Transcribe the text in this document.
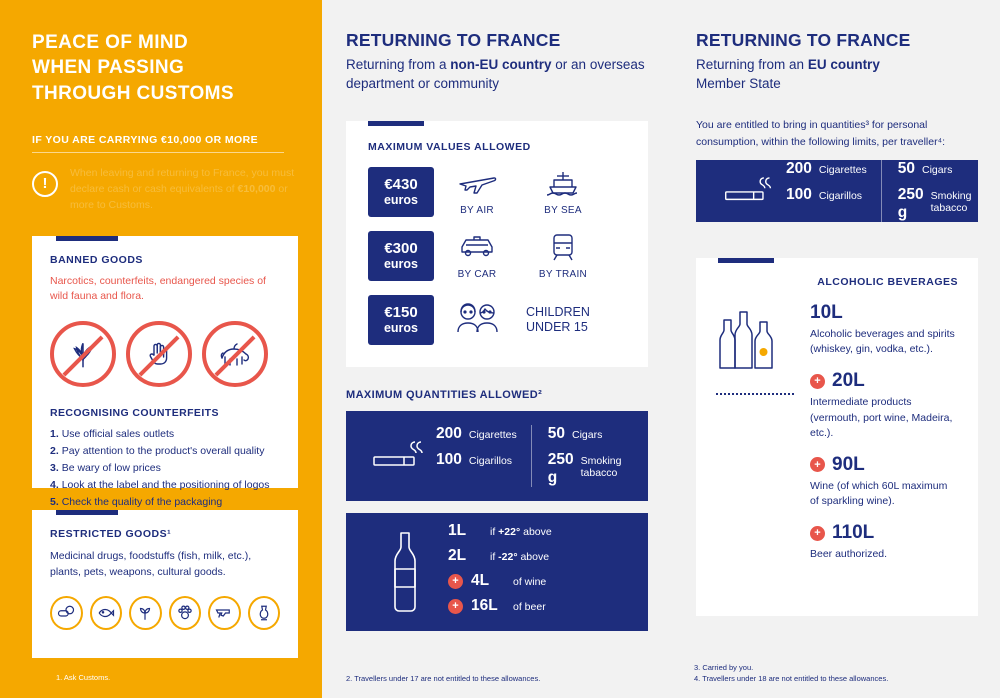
PEACE OF MIND
WHEN PASSING
THROUGH CUSTOMS
IF YOU ARE CARRYING €10,000 OR MORE
!
When leaving and returning to France, you must declare cash or cash equivalents of €10,000 or more to Customs.
BANNED GOODS
Narcotics, counterfeits, endangered species of wild fauna and flora.
RECOGNISING COUNTERFEITS
1. Use official sales outlets
2. Pay attention to the product's overall quality
3. Be wary of low prices
4. Look at the label and the positioning of logos
5. Check the quality of the packaging
RESTRICTED GOODS¹
Medicinal drugs, foodstuffs (fish, milk, etc.), plants, pets, weapons, cultural goods.
1. Ask Customs.
RETURNING TO FRANCE
Returning from a non-EU country or an overseas department or community
MAXIMUM VALUES ALLOWED
€430
euros
BY AIR	BY SEA
€300
euros
BY CAR	BY TRAIN
€150
euros
CHILDREN
UNDER 15
MAXIMUM QUANTITIES ALLOWED²
200 Cigarettes
100 Cigarillos
50 Cigars
250 g
Smoking tabacco
1L	if +22° above
2L	if -22° above
+ 4L	of wine
+ 16L	of beer
2. Travellers under 17 are not entitled to these allowances.
RETURNING TO FRANCE
Returning from an EU country
Member State
You are entitled to bring in quantities³ for personal consumption, within the following limits, per traveller⁴:
200 Cigarettes
100 Cigarillos
50 Cigars
250 g
Smoking tabacco
ALCOHOLIC BEVERAGES
10L
Alcoholic beverages and spirits (whiskey, gin, vodka, etc.).
+ 20L
Intermediate products (vermouth, port wine, Madeira, etc.).
+ 90L
Wine (of which 60L maximum of sparkling wine).
+ 110L
Beer authorized.
3. Carried by you.
4. Travellers under 18 are not entitled to these allowances.
